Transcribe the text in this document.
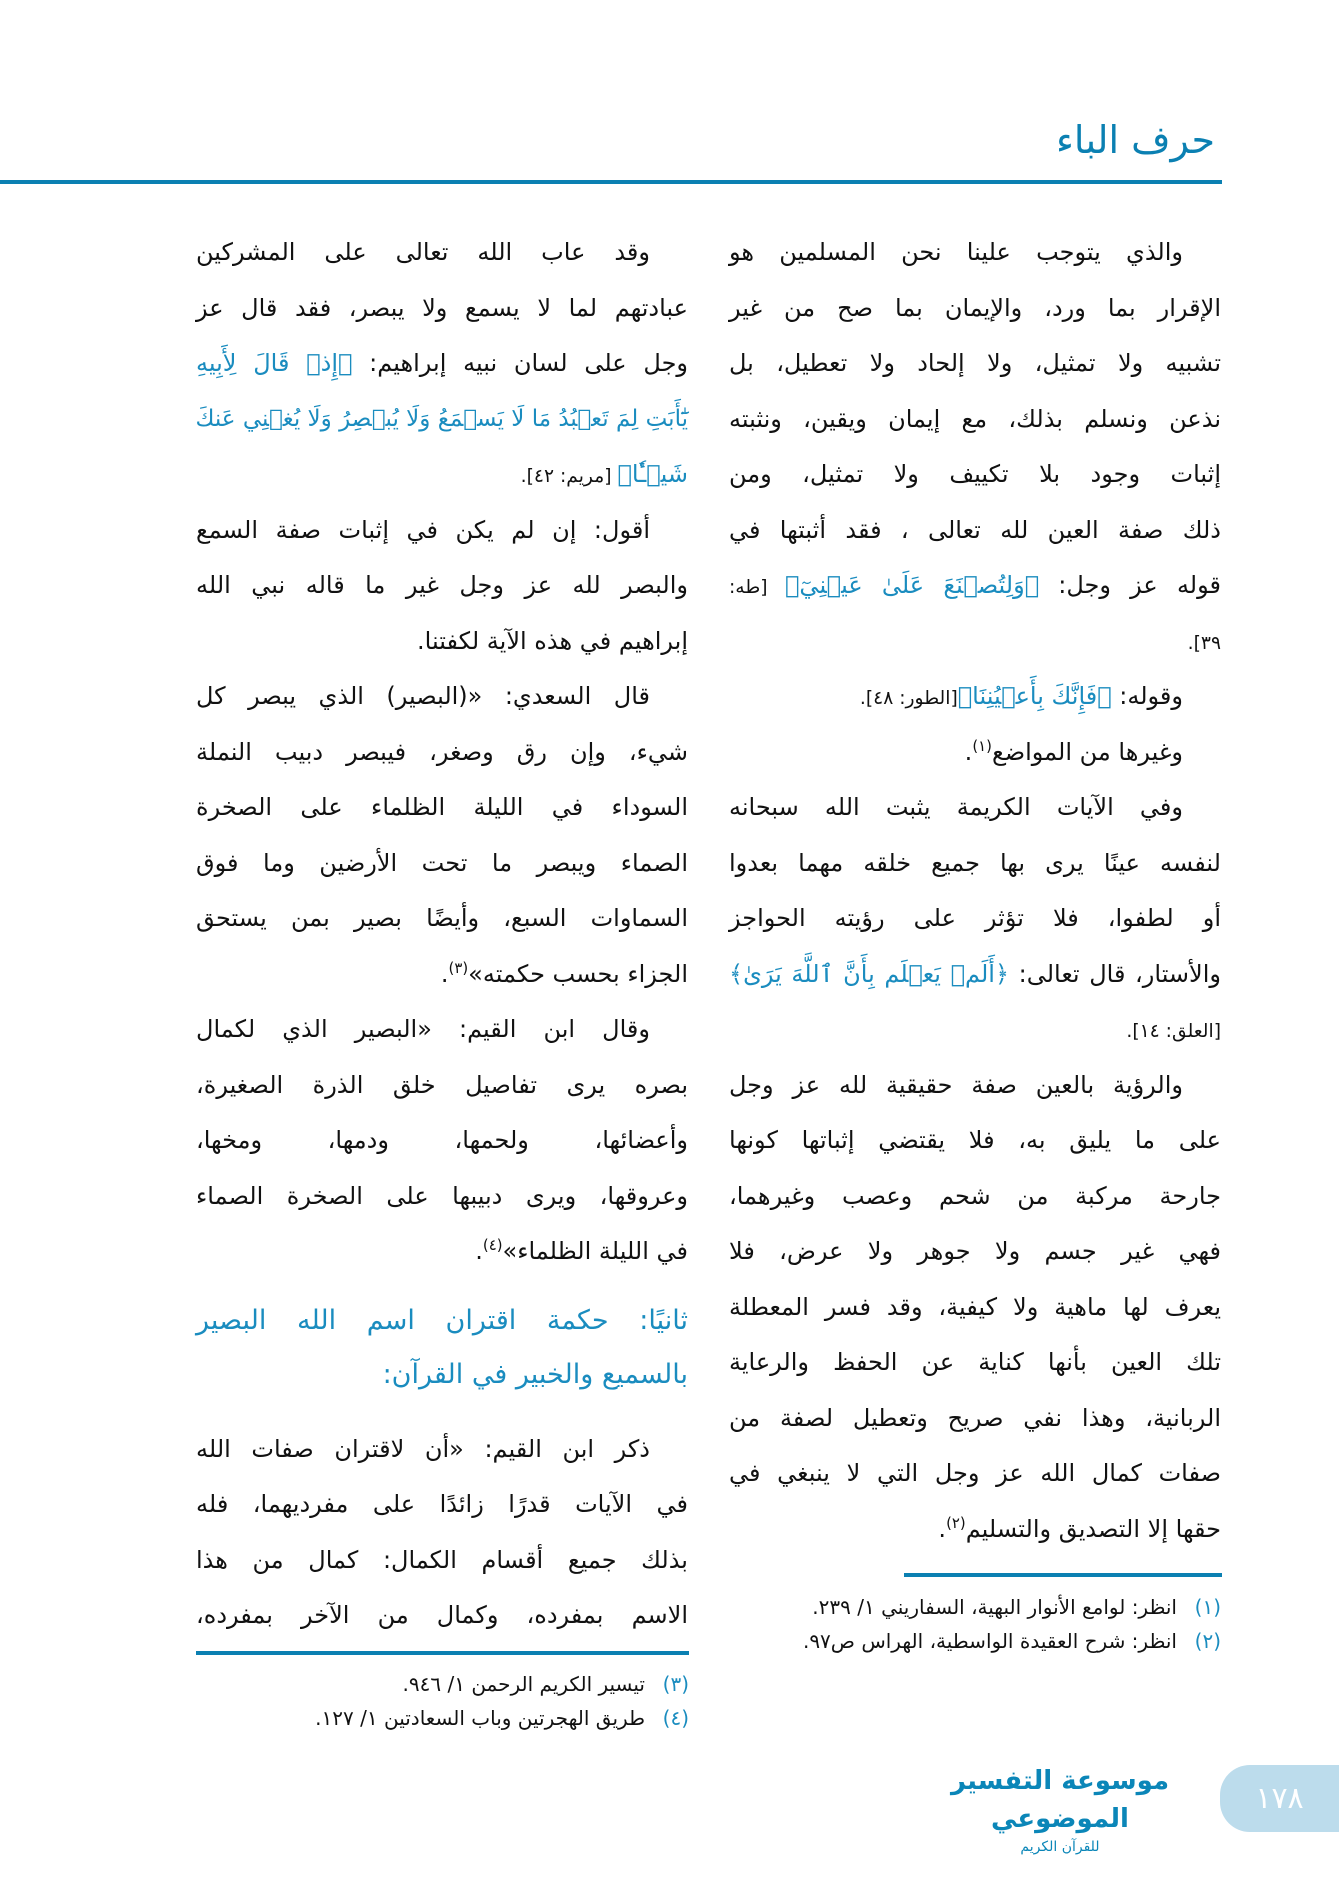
حرف الباء
والذي يتوجب علينا نحن المسلمين هو
الإقرار بما ورد، والإيمان بما صح من غير
تشبيه ولا تمثيل، ولا إلحاد ولا تعطيل، بل
نذعن ونسلم بذلك، مع إيمان ويقين، ونثبته
إثبات وجود بلا تكييف ولا تمثيل، ومن
ذلك صفة العين لله تعالى ، فقد أثبتها في
قوله عز وجل: ﴿وَلِتُصۡنَعَ عَلَىٰ عَيۡنِيٓ﴾ [طه:
٣٩].
وقوله: ﴿فَإِنَّكَ بِأَعۡيُنِنَا﴾[الطور: ٤٨].
وغيرها من المواضع$^{(١)}$.
وفي الآيات الكريمة يثبت الله سبحانه
لنفسه عينًا يرى بها جميع خلقه مهما بعدوا
أو لطفوا، فلا تؤثر على رؤيته الحواجز
والأستار، قال تعالى: ﴿أَلَمۡ يَعۡلَم بِأَنَّ ٱللَّهَ يَرَىٰ﴾
[العلق: ١٤].
والرؤية بالعين صفة حقيقية لله عز وجل
على ما يليق به، فلا يقتضي إثباتها كونها
جارحة مركبة من شحم وعصب وغيرهما،
فهي غير جسم ولا جوهر ولا عرض، فلا
يعرف لها ماهية ولا كيفية، وقد فسر المعطلة
تلك العين بأنها كناية عن الحفظ والرعاية
الربانية، وهذا نفي صريح وتعطيل لصفة من
صفات كمال الله عز وجل التي لا ينبغي في
حقها إلا التصديق والتسليم$^{(٢)}$.
وقد عاب الله تعالى على المشركين
عبادتهم لما لا يسمع ولا يبصر، فقد قال عز
وجل على لسان نبيه إبراهيم: ﴿إِذۡ قَالَ لِأَبِيهِ
يَٰٓأَبَتِ لِمَ تَعۡبُدُ مَا لَا يَسۡمَعُ وَلَا يُبۡصِرُ وَلَا يُغۡنِي عَنكَ
شَيۡـٔٗا﴾ [مريم: ٤٢].
أقول: إن لم يكن في إثبات صفة السمع
والبصر لله عز وجل غير ما قاله نبي الله
إبراهيم في هذه الآية لكفتنا.
قال السعدي: «(البصير) الذي يبصر كل
شيء، وإن رق وصغر، فيبصر دبيب النملة
السوداء في الليلة الظلماء على الصخرة
الصماء ويبصر ما تحت الأرضين وما فوق
السماوات السبع، وأيضًا بصير بمن يستحق
الجزاء بحسب حكمته»$^{(٣)}$.
وقال ابن القيم: «البصير الذي لكمال
بصره يرى تفاصيل خلق الذرة الصغيرة،
وأعضائها، ولحمها، ودمها، ومخها،
وعروقها، ويرى دبيبها على الصخرة الصماء
في الليلة الظلماء»$^{(٤)}$.
ثانيًا: حكمة اقتران اسم الله البصير
بالسميع والخبير في القرآن:
ذكر ابن القيم: «أن لاقتران صفات الله
في الآيات قدرًا زائدًا على مفرديهما، فله
بذلك جميع أقسام الكمال: كمال من هذا
الاسم بمفرده، وكمال من الآخر بمفرده،	(١)
انظر: لوامع الأنوار البهية، السفاريني ١/ ٢٣٩.
(٢)
انظر: شرح العقيدة الواسطية، الهراس ص٩٧.
(٣)
تيسير الكريم الرحمن ١/ ٩٤٦.
(٤)
طريق الهجرتين وباب السعادتين ١/ ١٢٧.
موسوعة التفسير الموضوعي
للقرآن الكريم
١٧٨
